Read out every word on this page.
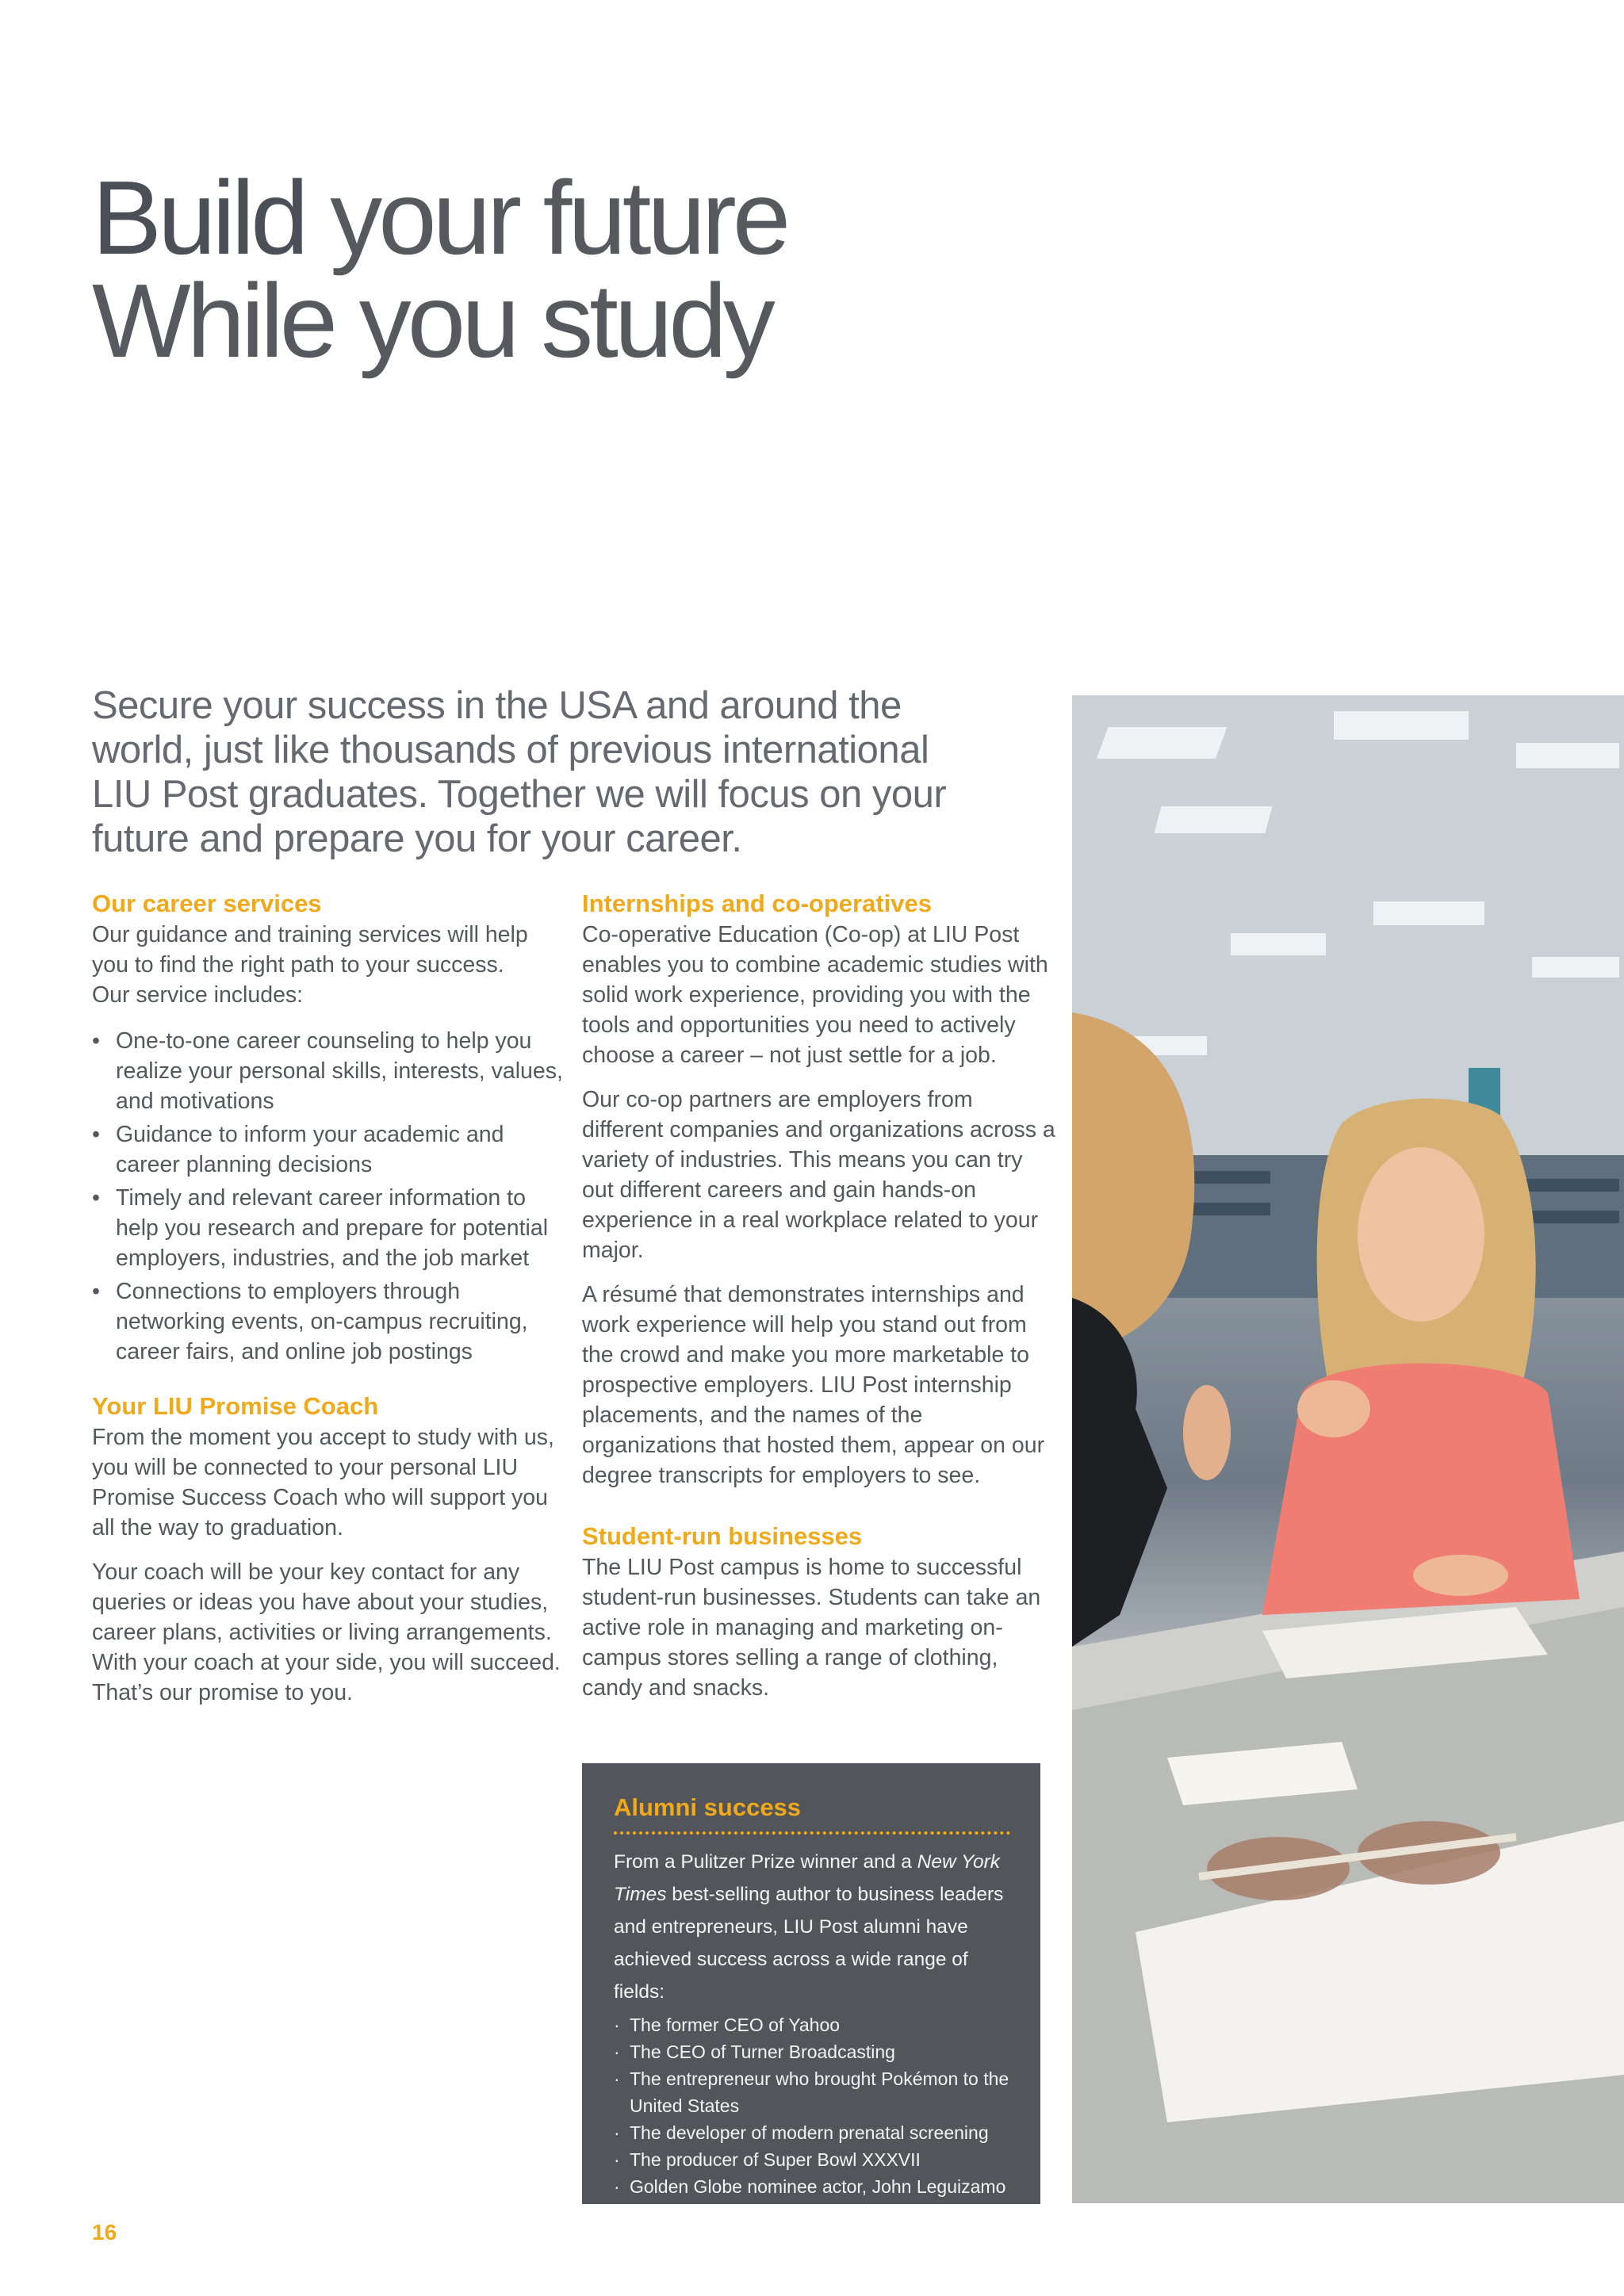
Build your future
While you study
Secure your success in the USA and around the world, just like thousands of previous international LIU Post graduates. Together we will focus on your future and prepare you for your career.
Our career services
Our guidance and training services will help you to find the right path to your success.
Our service includes:
• One-to-one career counseling to help you realize your personal skills, interests, values, and motivations
• Guidance to inform your academic and career planning decisions
• Timely and relevant career information to help you research and prepare for potential employers, industries, and the job market
• Connections to employers through networking events, on-campus recruiting, career fairs, and online job postings
Your LIU Promise Coach

From the moment you accept to study with us, you will be connected to your personal LIU Promise Success Coach who will support you all the way to graduation.

Your coach will be your key contact for any queries or ideas you have about your studies, career plans, activities or living arrangements. With your coach at your side, you will succeed. That’s our promise to you.

Internships and co-operatives

Co-operative Education (Co-op) at LIU Post enables you to combine academic studies with solid work experience, providing you with the tools and opportunities you need to actively choose a career – not just settle for a job.

Our co-op partners are employers from different companies and organizations across a variety of industries. This means you can try out different careers and gain hands-on experience in a real workplace related to your major.

A résumé that demonstrates internships and work experience will help you stand out from the crowd and make you more marketable to prospective employers. LIU Post internship placements, and the names of the organizations that hosted them, appear on our degree transcripts for employers to see.

Student-run businesses

The LIU Post campus is home to successful student-run businesses. Students can take an active role in managing and marketing on-campus stores selling a range of clothing, candy and snacks.

Alumni success
From a Pulitzer Prize winner and a New York Times best-selling author to business leaders and entrepreneurs, LIU Post alumni have achieved success across a wide range of fields:
· The former CEO of Yahoo
· The CEO of Turner Broadcasting
· The entrepreneur who brought Pokémon to the United States
· The developer of modern prenatal screening
· The producer of Super Bowl XXXVII
· Golden Globe nominee actor, John Leguizamo
16
